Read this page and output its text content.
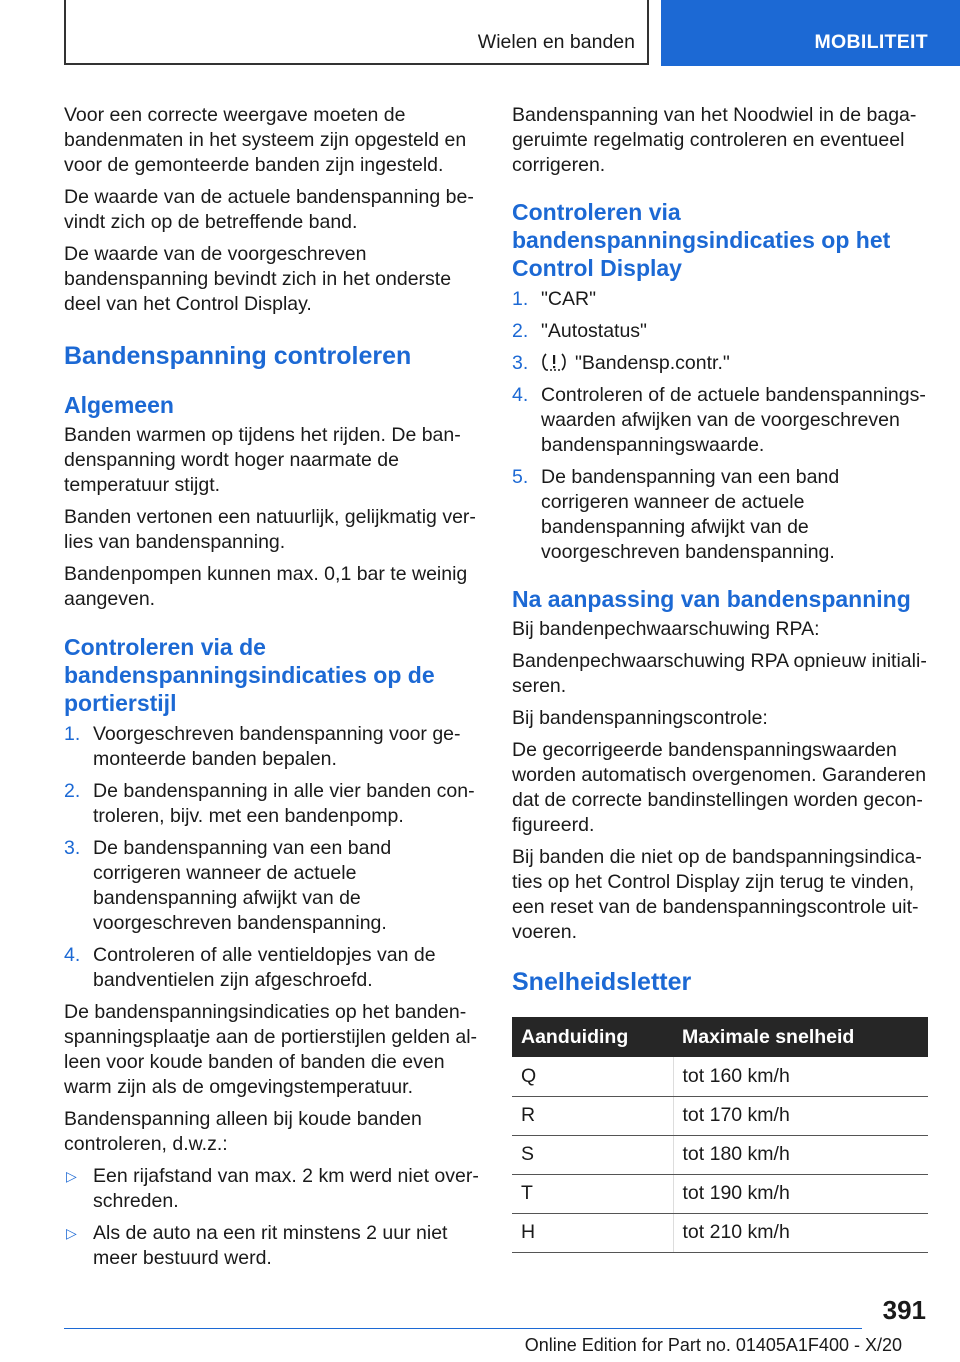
Wielen en banden	MOBILITEIT

Voor een correcte weergave moeten de bandenmaten in het systeem zijn opgesteld en voor de gemonteerde banden zijn ingesteld.

De waarde van de actuele bandenspanning bevindt zich op de betreffende band.

De waarde van de voorgeschreven bandenspanning bevindt zich in het onderste deel van het Control Display.

Bandenspanning controleren
Algemeen

Banden warmen op tijdens het rijden. De bandenspanning wordt hoger naarmate de temperatuur stijgt.

Banden vertonen een natuurlijk, gelijkmatig verlies van bandenspanning.

Bandenpompen kunnen max. 0,1 bar te weinig aangeven.

Controleren via de bandenspanningsindicaties op de portierstijl
1. Voorgeschreven bandenspanning voor gemonteerde banden bepalen.
2. De bandenspanning in alle vier banden controleren, bijv. met een bandenpomp.
3. De bandenspanning van een band corrigeren wanneer de actuele bandenspanning afwijkt van de voorgeschreven bandenspanning.
4. Controleren of alle ventieldopjes van de bandventielen zijn afgeschroefd.

De bandenspanningsindicaties op het bandenspanningsplaatje aan de portierstijlen gelden alleen voor koude banden of banden die even warm zijn als de omgevingstemperatuur.

Bandenspanning alleen bij koude banden controleren, d.w.z.:

▷ Een rijafstand van max. 2 km werd niet overschreden.
▷ Als de auto na een rit minstens 2 uur niet meer bestuurd werd.

Bandenspanning van het Noodwiel in de bagageruimte regelmatig controleren en eventueel corrigeren.

Controleren via bandenspanningsindicaties op het Control Display
1. "CAR"
2. "Autostatus"
3. "Bandensp.contr."
4. Controleren of de actuele bandenspanningswaarden afwijken van de voorgeschreven bandenspanningswaarde.
5. De bandenspanning van een band corrigeren wanneer de actuele bandenspanning afwijkt van de voorgeschreven bandenspanning.
Na aanpassing van bandenspanning

Bij bandenpechwaarschuwing RPA:

Bandenpechwaarschuwing RPA opnieuw initialiseren.

Bij bandenspanningscontrole:

De gecorrigeerde bandenspanningswaarden worden automatisch overgenomen. Garanderen dat de correcte bandinstellingen worden geconfigureerd.

Bij banden die niet op de bandspanningsindicaties op het Control Display zijn terug te vinden, een reset van de bandenspanningscontrole uitvoeren.

Snelheidsletter
Aanduiding	Maximale snelheid
Q	tot 160 km/h
R	tot 170 km/h
S	tot 180 km/h
T	tot 190 km/h
H	tot 210 km/h
391
Online Edition for Part no. 01405A1F400 - X/20
